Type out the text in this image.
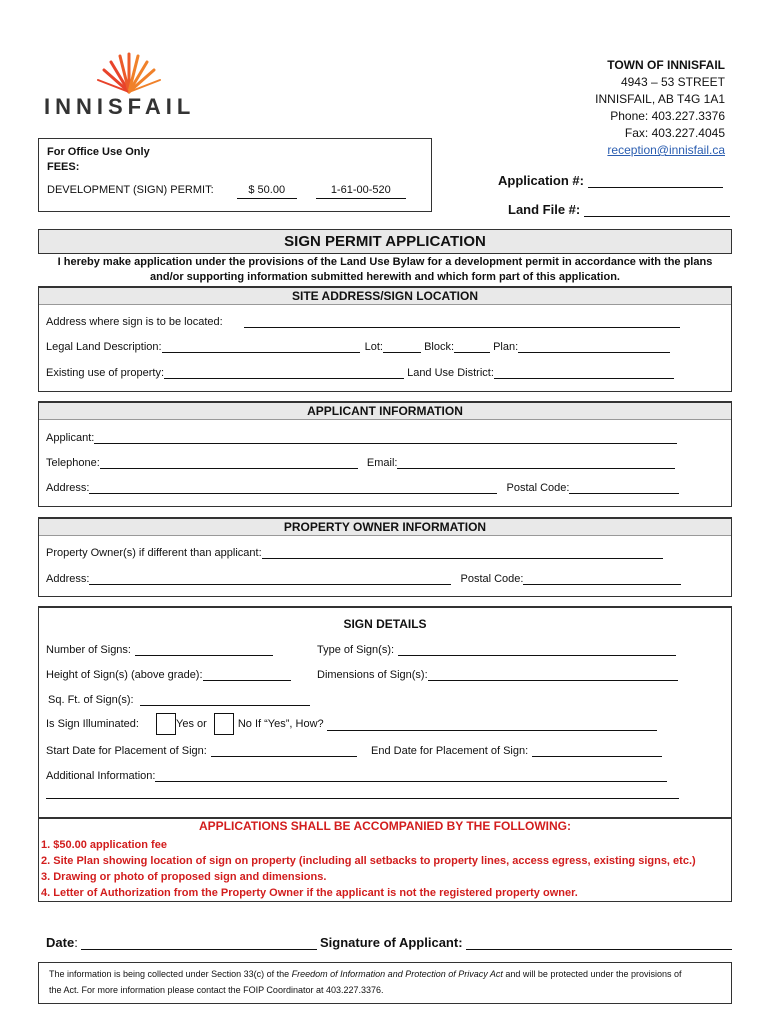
INNISFAIL
TOWN OF INNISFAIL
4943 – 53 STREET
INNISFAIL, AB T4G 1A1
Phone: 403.227.3376
Fax: 403.227.4045
reception@innisfail.ca
For Office Use Only
FEES:
DEVELOPMENT (SIGN) PERMIT:	$ 50.00	1-61-00-520
Application #:
Land File #:
SIGN PERMIT APPLICATION
I hereby make application under the provisions of the Land Use Bylaw for a development permit in accordance with the plans
and/or supporting information submitted herewith and which form part of this application.
SITE ADDRESS/SIGN LOCATION
Address where sign is to be located:
Legal Land Description:	Lot:	Block:	Plan:
Existing use of property:	Land Use District:
APPLICANT INFORMATION
Applicant:
Telephone:	Email:
Address:	Postal Code:
PROPERTY OWNER INFORMATION
Property Owner(s) if different than applicant:
Address:	Postal Code:
SIGN DETAILS
Number of Signs:	Type of Sign(s):
Height of Sign(s) (above grade):	Dimensions of Sign(s):
Sq. Ft. of Sign(s):
Is Sign Illuminated:	Yes or	No If “Yes”, How?
Start Date for Placement of Sign:	End Date for Placement of Sign:
Additional Information:
APPLICATIONS SHALL BE ACCOMPANIED BY THE FOLLOWING:
1. $50.00 application fee
2. Site Plan showing location of sign on property (including all setbacks to property lines, access egress, existing signs, etc.)
3. Drawing or photo of proposed sign and dimensions.
4. Letter of Authorization from the Property Owner if the applicant is not the registered property owner.
Date:	Signature of Applicant:
The information is being collected under Section 33(c) of the Freedom of Information and Protection of Privacy Act and will be protected under the provisions of
the Act. For more information please contact the FOIP Coordinator at 403.227.3376.
